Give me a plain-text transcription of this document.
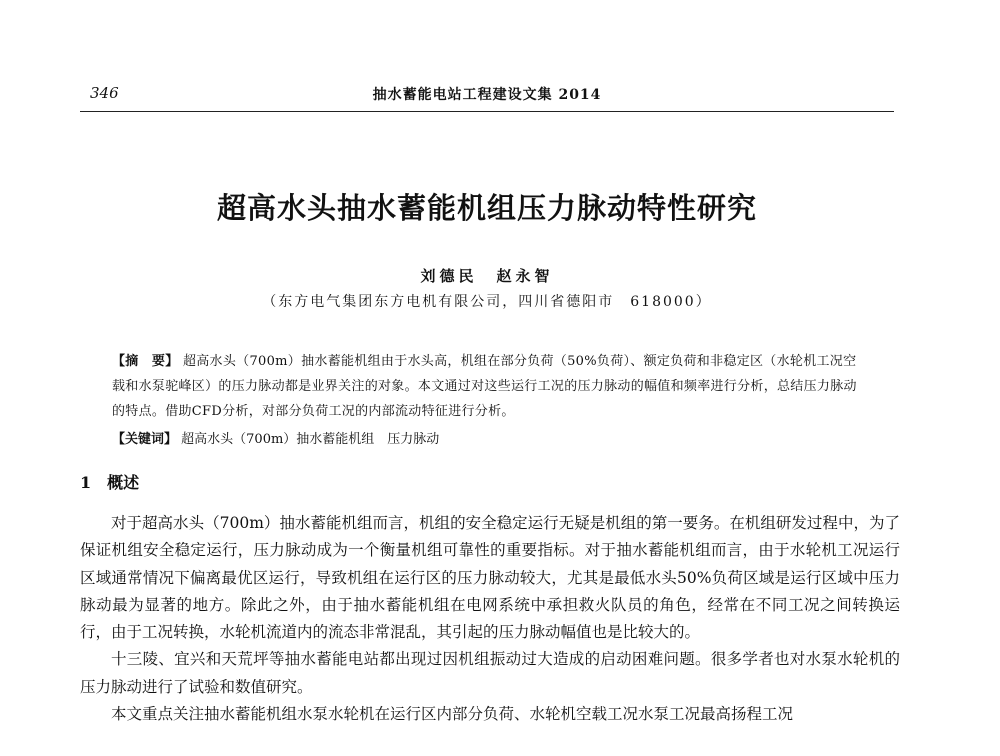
346	抽水蓄能电站工程建设文集 2014
超高水头抽水蓄能机组压力脉动特性研究
刘德民　赵永智
（东方电气集团东方电机有限公司，四川省德阳市　618000）
【摘　要】 超高水头（700m）抽水蓄能机组由于水头高，机组在部分负荷（50%负荷）、额定负荷和非稳定区（水轮机工况空载和水泵驼峰区）的压力脉动都是业界关注的对象。本文通过对这些运行工况的压力脉动的幅值和频率进行分析，总结压力脉动的特点。借助CFD分析，对部分负荷工况的内部流动特征进行分析。
【关键词】 超高水头（700m）抽水蓄能机组　压力脉动
1 概述

对于超高水头（700m）抽水蓄能机组而言，机组的安全稳定运行无疑是机组的第一要务。在机组研发过程中，为了保证机组安全稳定运行，压力脉动成为一个衡量机组可靠性的重要指标。对于抽水蓄能机组而言，由于水轮机工况运行区域通常情况下偏离最优区运行，导致机组在运行区的压力脉动较大，尤其是最低水头50%负荷区域是运行区域中压力脉动最为显著的地方。除此之外，由于抽水蓄能机组在电网系统中承担救火队员的角色，经常在不同工况之间转换运行，由于工况转换，水轮机流道内的流态非常混乱，其引起的压力脉动幅值也是比较大的。

十三陵、宜兴和天荒坪等抽水蓄能电站都出现过因机组振动过大造成的启动困难问题。很多学者也对水泵水轮机的压力脉动进行了试验和数值研究。

本文重点关注抽水蓄能机组水泵水轮机在运行区内部分负荷、水轮机空载工况水泵工况最高扬程工况
